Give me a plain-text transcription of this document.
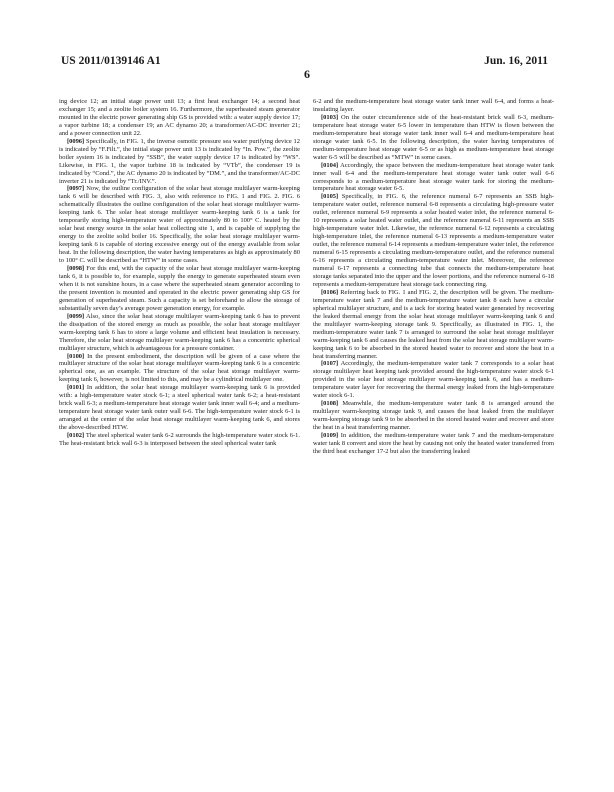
US 2011/0139146 A1	Jun. 16, 2011
6

ing device 12; an initial stage power unit 13; a first heat exchanger 14; a second heat exchanger 15; and a zeolite boiler system 16. Furthermore, the superheated steam generator mounted in the electric power generating ship GS is provided with: a water supply device 17; a vapor turbine 18; a condenser 19; an AC dynamo 20; a transformer/AC-DC inverter 21; and a power connection unit 22.

[0096] Specifically, in FIG. 1, the inverse osmotic pressure sea water purifying device 12 is indicated by “F.Filt.”, the initial stage power unit 13 is indicated by “In. Pow.”, the zeolite boiler system 16 is indicated by “SSB”, the water supply device 17 is indicated by “WS”. Likewise, in FIG. 1, the vapor turbine 18 is indicated by “VTb”, the condenser 19 is indicated by “Cond.”, the AC dynamo 20 is indicated by “DM.”, and the transformer/AC-DC inverter 21 is indicated by “Tr./INV.”.

[0097] Now, the outline configuration of the solar heat storage multilayer warm-keeping tank 6 will be described with FIG. 3, also with reference to FIG. 1 and FIG. 2. FIG. 6 schematically illustrates the outline configuration of the solar heat storage multilayer warm-keeping tank 6. The solar heat storage multilayer warm-keeping tank 6 is a tank for temporarily storing high-temperature water of approximately 80 to 100° C. heated by the solar heat energy source in the solar heat collecting site 1, and is capable of supplying the energy to the zeolite solid boiler 16. Specifically, the solar heat storage multilayer warm-keeping tank 6 is capable of storing excessive energy out of the energy available from solar heat. In the following description, the water having temperatures as high as approximately 80 to 100° C. will be described as “HTW” in some cases.

[0098] For this end, with the capacity of the solar heat storage multilayer warm-keeping tank 6, it is possible to, for example, supply the energy to generate superheated steam even when it is not sunshine hours, in a case where the superheated steam generator according to the present invention is mounted and operated in the electric power generating ship GS for generation of superheated steam. Such a capacity is set beforehand to allow the storage of substantially seven day’s average power generation energy, for example.

[0099] Also, since the solar heat storage multilayer warm-keeping tank 6 has to prevent the dissipation of the stored energy as much as possible, the solar heat storage multilayer warm-keeping tank 6 has to store a large volume and efficient heat insulation is necessary. Therefore, the solar heat storage multilayer warm-keeping tank 6 has a concentric spherical multilayer structure, which is advantageous for a pressure container.

[0100] In the present embodiment, the description will be given of a case where the multilayer structure of the solar heat storage multilayer warm-keeping tank 6 is a concentric spherical one, as an example. The structure of the solar heat storage multilayer warm-keeping tank 6, however, is not limited to this, and may be a cylindrical multilayer one.

[0101] In addition, the solar heat storage multilayer warm-keeping tank 6 is provided with: a high-temperature water stock 6-1; a steel spherical water tank 6-2; a heat-resistant brick wall 6-3; a medium-temperature heat storage water tank inner wall 6-4; and a medium-temperature heat storage water tank outer wall 6-6. The high-temperature water stock 6-1 is arranged at the center of the solar heat storage multilayer warm-keeping tank 6, and stores the above-described HTW.

[0102] The steel spherical water tank 6-2 surrounds the high-temperature water stock 6-1. The heat-resistant brick wall 6-3 is interposed between the steel spherical water tank

6-2 and the medium-temperature heat storage water tank inner wall 6-4, and forms a heat-insulating layer.

[0103] On the outer circumference side of the heat-resistant brick wall 6-3, medium-temperature heat storage water 6-5 lower in temperature than HTW is flown between the medium-temperature heat storage water tank inner wall 6-4 and medium-temperature heat storage water tank 6-5. In the following description, the water having temperatures of medium-temperature heat storage water 6-5 or as high as medium-temperature heat storage water 6-5 will be described as “MTW” in some cases.

[0104] Accordingly, the space between the medium-temperature heat storage water tank inner wall 6-4 and the medium-temperature heat storage water tank outer wall 6-6 corresponds to a medium-temperature heat storage water tank for storing the medium-temperature heat storage water 6-5.

[0105] Specifically, in FIG. 6, the reference numeral 6-7 represents an SSB high-temperature water outlet, reference numeral 6-8 represents a circulating high-pressure water outlet, reference numeral 6-9 represents a solar heated water inlet, the reference numeral 6-10 represents a solar heated water outlet, and the reference numeral 6-11 represents an SSB high-temperature water inlet. Likewise, the reference numeral 6-12 represents a circulating high-temperature inlet, the reference numeral 6-13 represents a medium-temperature water outlet, the reference numeral 6-14 represents a medium-temperature water inlet, the reference numeral 6-15 represents a circulating medium-temperature outlet, and the reference numeral 6-16 represents a circulating medium-temperature water inlet. Moreover, the reference numeral 6-17 represents a connecting tube that connects the medium-temperature heat storage tanks separated into the upper and the lower portions, and the reference numeral 6-18 represents a medium-temperature heat storage tack connecting ring.

[0106] Referring back to FIG. 1 and FIG. 2, the description will be given. The medium-temperature water tank 7 and the medium-temperature water tank 8 each have a circular spherical multilayer structure, and is a tack for storing heated water generated by recovering the leaked thermal energy from the solar heat storage multilayer warm-keeping tank 6 and the multilayer warm-keeping storage tank 9. Specifically, as illustrated in FIG. 1, the medium-temperature water tank 7 is arranged to surround the solar heat storage multilayer warm-keeping tank 6 and causes the leaked heat from the solar heat storage multilayer warm-keeping tank 6 to be absorbed in the stored heated water to recover and store the heat in a heat transferring manner.

[0107] Accordingly, the medium-temperature water tank 7 corresponds to a solar heat storage multilayer heat keeping tank provided around the high-temperature water stock 6-1 provided in the solar heat storage multilayer warm-keeping tank 6, and has a medium-temperature water layer for recovering the thermal energy leaked from the high-temperature water stock 6-1.

[0108] Meanwhile, the medium-temperature water tank 8 is arranged around the multilayer warm-keeping storage tank 9, and causes the heat leaked from the multilayer warm-keeping storage tank 9 to be absorbed in the stored heated water and recover and store the heat in a heat transferring manner.

[0109] In addition, the medium-temperature water tank 7 and the medium-temperature water tank 8 convert and store the heat by causing not only the heated water transferred from the third heat exchanger 17-2 but also the transferring leaked
